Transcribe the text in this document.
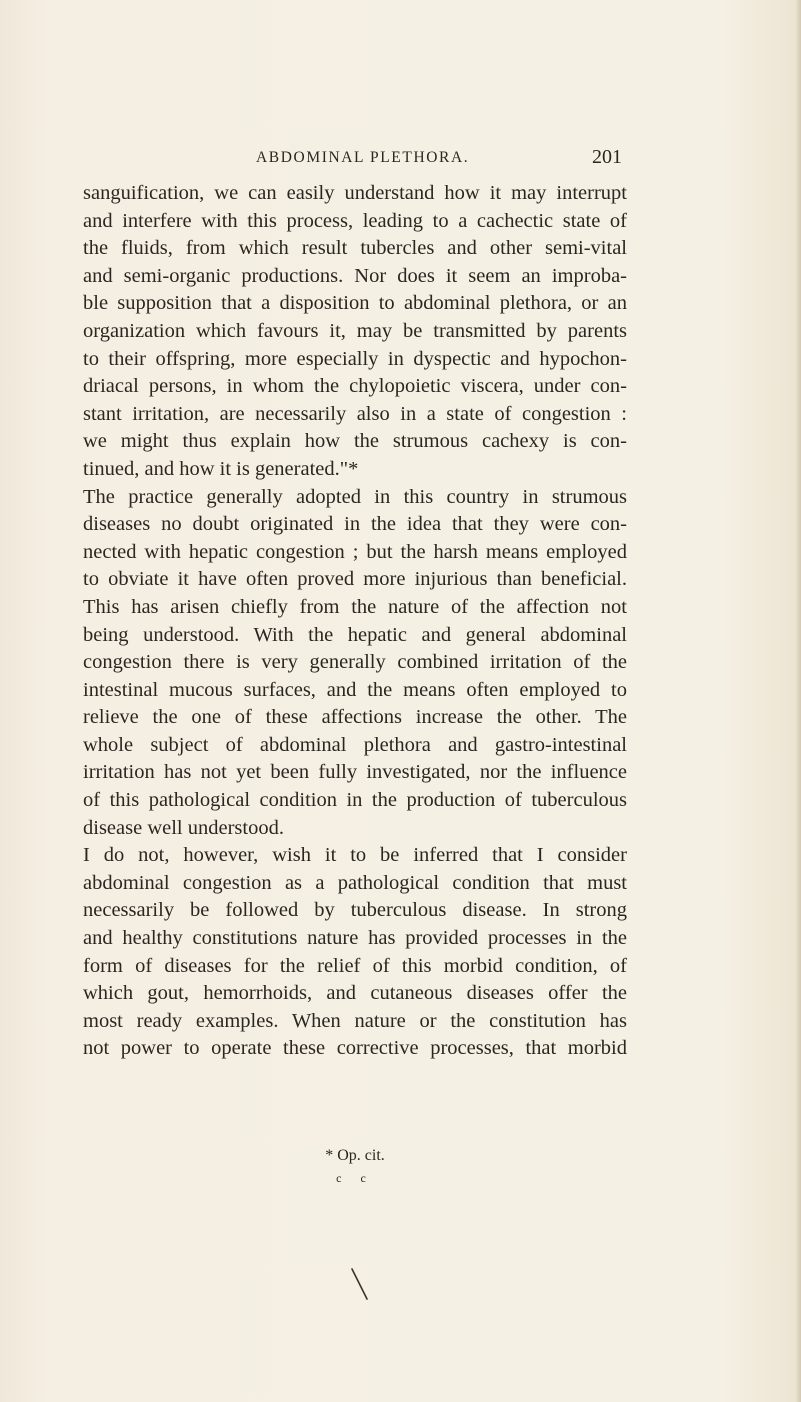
ABDOMINAL PLETHORA.	201
sanguification, we can easily understand how it may interrupt
and interfere with this process, leading to a cachectic state of
the fluids, from which result tubercles and other semi-vital
and semi-organic productions. Nor does it seem an improba-
ble supposition that a disposition to abdominal plethora, or an
organization which favours it, may be transmitted by parents
to their offspring, more especially in dyspectic and hypochon-
driacal persons, in whom the chylopoietic viscera, under con-
stant irritation, are necessarily also in a state of congestion :
we might thus explain how the strumous cachexy is con-
tinued, and how it is generated."*
The practice generally adopted in this country in strumous
diseases no doubt originated in the idea that they were con-
nected with hepatic congestion ; but the harsh means employed
to obviate it have often proved more injurious than beneficial.
This has arisen chiefly from the nature of the affection not
being understood. With the hepatic and general abdominal
congestion there is very generally combined irritation of the
intestinal mucous surfaces, and the means often employed to
relieve the one of these affections increase the other. The
whole subject of abdominal plethora and gastro-intestinal
irritation has not yet been fully investigated, nor the influence
of this pathological condition in the production of tuberculous
disease well understood.
I do not, however, wish it to be inferred that I consider
abdominal congestion as a pathological condition that must
necessarily be followed by tuberculous disease. In strong
and healthy constitutions nature has provided processes in the
form of diseases for the relief of this morbid condition, of
which gout, hemorrhoids, and cutaneous diseases offer the
most ready examples. When nature or the constitution has
not power to operate these corrective processes, that morbid
* Op. cit.
c c
